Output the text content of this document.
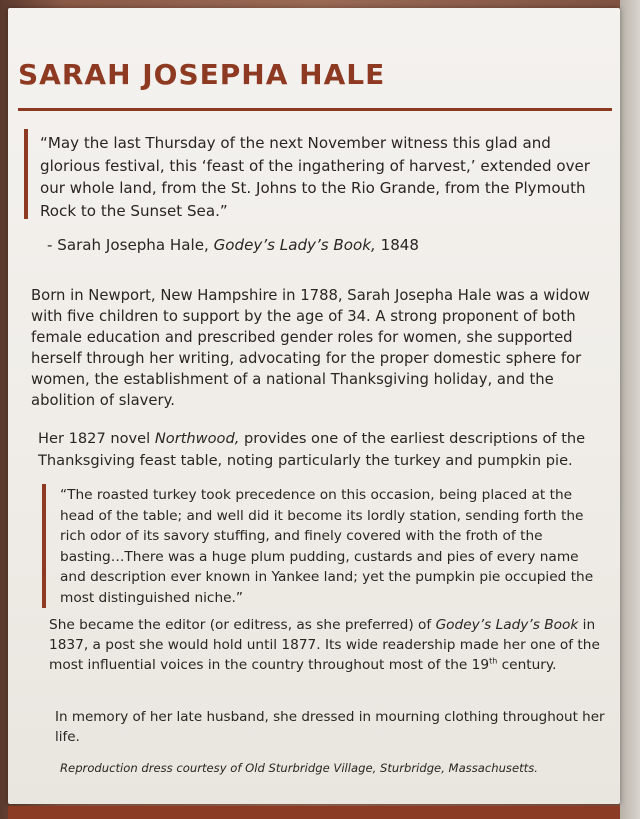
SARAH JOSEPHA HALE

“May the last Thursday of the next November witness this glad and glorious festival, this ‘feast of the ingathering of harvest,’ extended over our whole land, from the St. Johns to the Rio Grande, from the Plymouth Rock to the Sunset Sea.”

- Sarah Josepha Hale, Godey’s Lady’s Book, 1848

Born in Newport, New Hampshire in 1788, Sarah Josepha Hale was a widow with five children to support by the age of 34. A strong proponent of both female education and prescribed gender roles for women, she supported herself through her writing, advocating for the proper domestic sphere for women, the establishment of a national Thanksgiving holiday, and the abolition of slavery.

Her 1827 novel Northwood, provides one of the earliest descriptions of the Thanksgiving feast table, noting particularly the turkey and pumpkin pie.

“The roasted turkey took precedence on this occasion, being placed at the head of the table; and well did it become its lordly station, sending forth the rich odor of its savory stuffing, and finely covered with the froth of the basting…There was a huge plum pudding, custards and pies of every name and description ever known in Yankee land; yet the pumpkin pie occupied the most distinguished niche.”

She became the editor (or editress, as she preferred) of Godey’s Lady’s Book in 1837, a post she would hold until 1877. Its wide readership made her one of the most influential voices in the country throughout most of the 19th century.

In memory of her late husband, she dressed in mourning clothing throughout her life.

Reproduction dress courtesy of Old Sturbridge Village, Sturbridge, Massachusetts.
